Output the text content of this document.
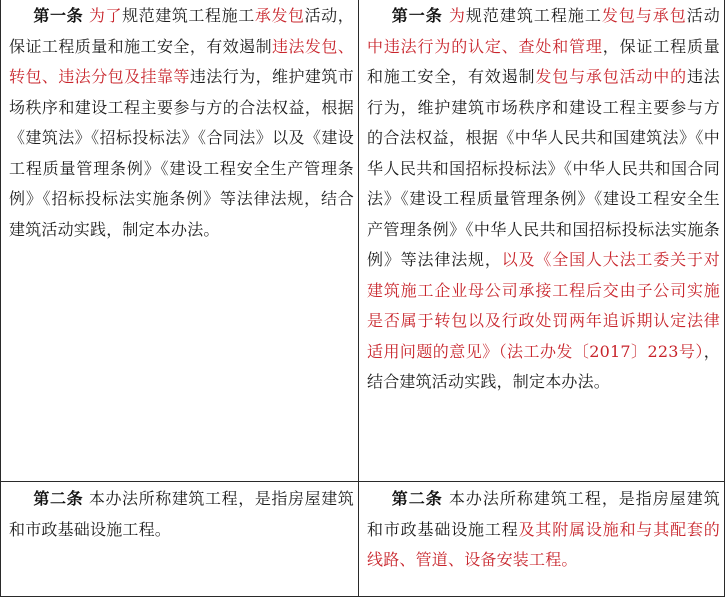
第一条 为了规范建筑工程施工承发包活动，保证工程质量和施工安全，有效遏制违法发包、转包、违法分包及挂靠等违法行为，维护建筑市场秩序和建设工程主要参与方的合法权益，根据《建筑法》《招标投标法》《合同法》以及《建设工程质量管理条例》《建设工程安全生产管理条例》《招标投标法实施条例》等法律法规，结合建筑活动实践，制定本办法。	第一条 为规范建筑工程施工发包与承包活动中违法行为的认定、查处和管理，保证工程质量和施工安全，有效遏制发包与承包活动中的违法行为，维护建筑市场秩序和建设工程主要参与方的合法权益，根据《中华人民共和国建筑法》《中华人民共和国招标投标法》《中华人民共和国合同法》《建设工程质量管理条例》《建设工程安全生产管理条例》《中华人民共和国招标投标法实施条例》等法律法规，以及《全国人大法工委关于对建筑施工企业母公司承接工程后交由子公司实施是否属于转包以及行政处罚两年追诉期认定法律适用问题的意见》（法工办发〔2017〕223号），结合建筑活动实践，制定本办法。
第二条 本办法所称建筑工程，是指房屋建筑和市政基础设施工程。	第二条 本办法所称建筑工程，是指房屋建筑和市政基础设施工程及其附属设施和与其配套的线路、管道、设备安装工程。
